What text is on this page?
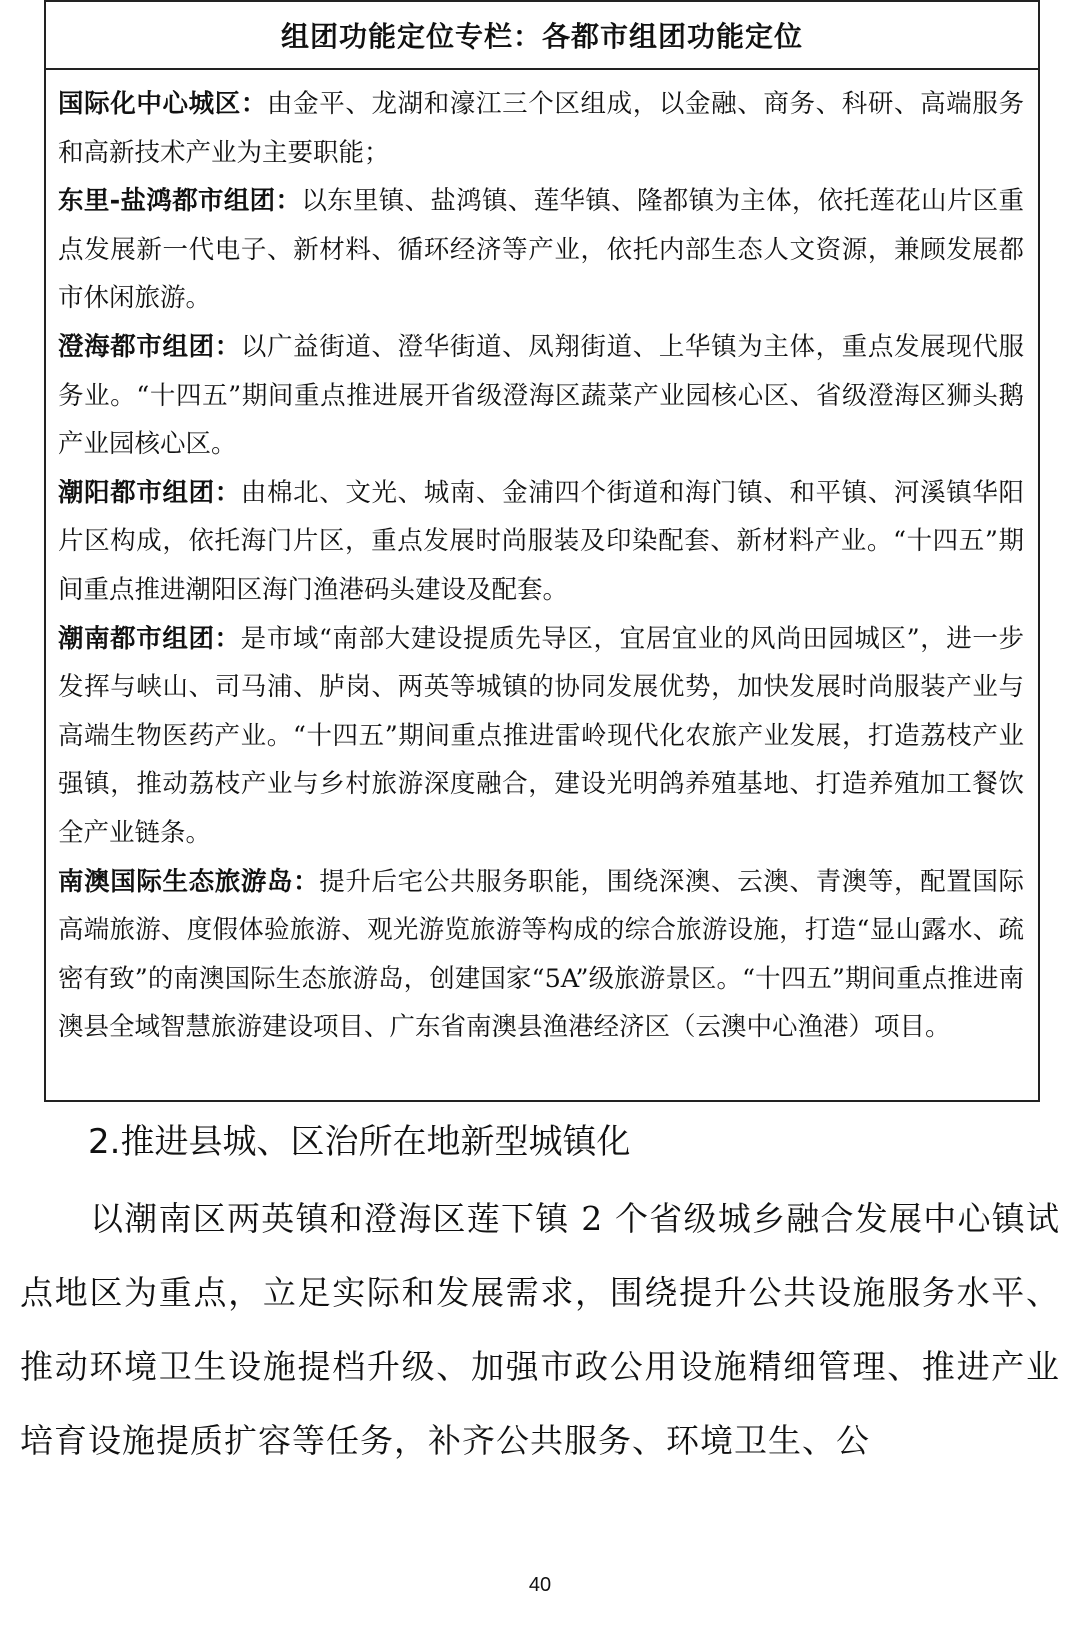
组团功能定位专栏：各都市组团功能定位

国际化中心城区：由金平、龙湖和濠江三个区组成，以金融、商务、科研、高端服务和高新技术产业为主要职能；

东里-盐鸿都市组团：以东里镇、盐鸿镇、莲华镇、隆都镇为主体，依托莲花山片区重点发展新一代电子、新材料、循环经济等产业，依托内部生态人文资源，兼顾发展都市休闲旅游。

澄海都市组团：以广益街道、澄华街道、凤翔街道、上华镇为主体，重点发展现代服务业。“十四五”期间重点推进展开省级澄海区蔬菜产业园核心区、省级澄海区狮头鹅产业园核心区。

潮阳都市组团：由棉北、文光、城南、金浦四个街道和海门镇、和平镇、河溪镇华阳片区构成，依托海门片区，重点发展时尚服装及印染配套、新材料产业。“十四五”期间重点推进潮阳区海门渔港码头建设及配套。

潮南都市组团：是市域“南部大建设提质先导区，宜居宜业的风尚田园城区”，进一步发挥与峡山、司马浦、胪岗、两英等城镇的协同发展优势，加快发展时尚服装产业与高端生物医药产业。“十四五”期间重点推进雷岭现代化农旅产业发展，打造荔枝产业强镇，推动荔枝产业与乡村旅游深度融合，建设光明鸽养殖基地、打造养殖加工餐饮全产业链条。

南澳国际生态旅游岛：提升后宅公共服务职能，围绕深澳、云澳、青澳等，配置国际高端旅游、度假体验旅游、观光游览旅游等构成的综合旅游设施，打造“显山露水、疏密有致”的南澳国际生态旅游岛，创建国家“5A”级旅游景区。“十四五”期间重点推进南澳县全域智慧旅游建设项目、广东省南澳县渔港经济区（云澳中心渔港）项目。

2.推进县城、区治所在地新型城镇化

以潮南区两英镇和澄海区莲下镇 2 个省级城乡融合发展中心镇试点地区为重点，立足实际和发展需求，围绕提升公共设施服务水平、推动环境卫生设施提档升级、加强市政公用设施精细管理、推进产业培育设施提质扩容等任务，补齐公共服务、环境卫生、公

40
